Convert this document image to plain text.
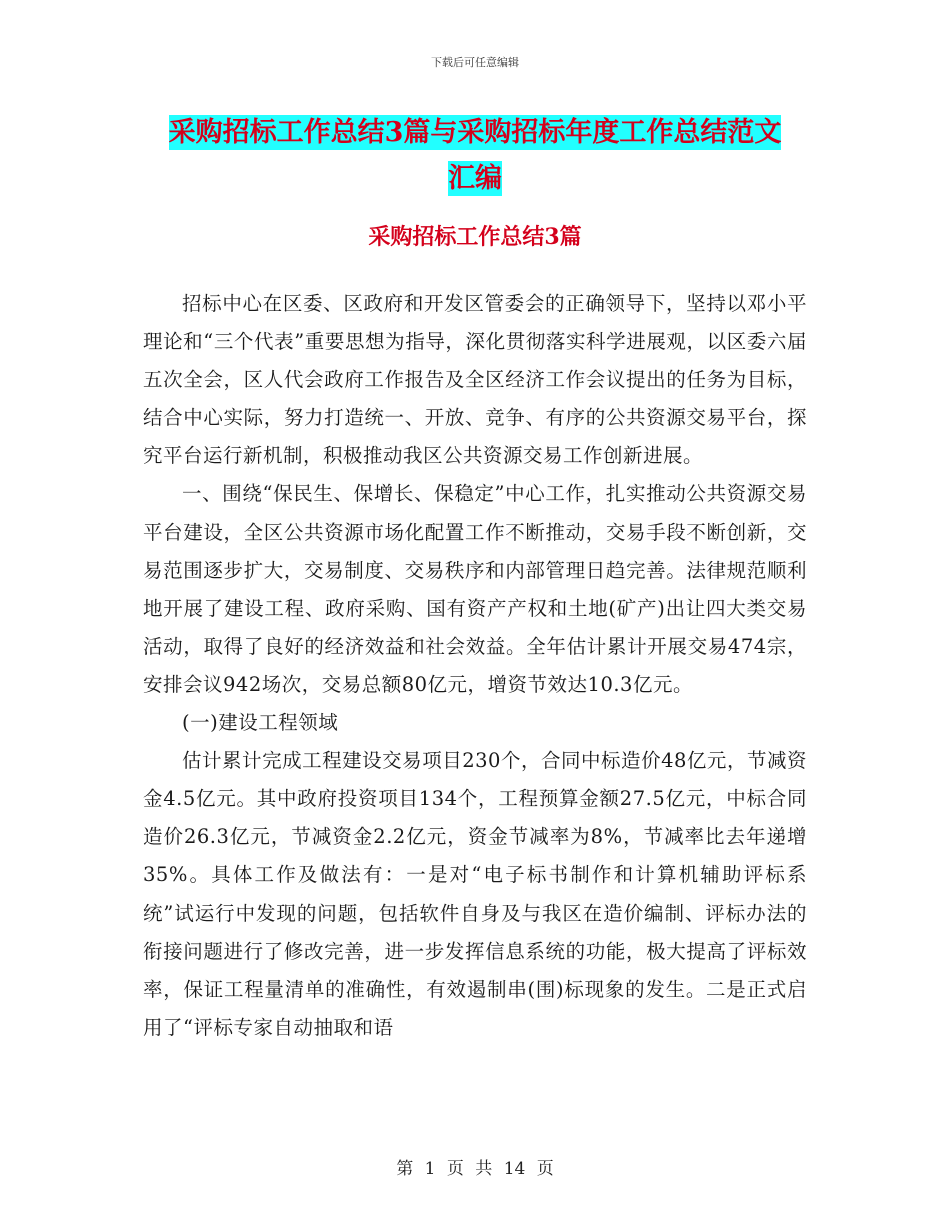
下载后可任意编辑
采购招标工作总结3篇与采购招标年度工作总结范文
汇编
采购招标工作总结3篇

招标中心在区委、区政府和开发区管委会的正确领导下，坚持以邓小平理论和“三个代表”重要思想为指导，深化贯彻落实科学进展观，以区委六届五次全会，区人代会政府工作报告及全区经济工作会议提出的任务为目标，结合中心实际，努力打造统一、开放、竞争、有序的公共资源交易平台，探究平台运行新机制，积极推动我区公共资源交易工作创新进展。

一、围绕“保民生、保增长、保稳定”中心工作，扎实推动公共资源交易平台建设，全区公共资源市场化配置工作不断推动，交易手段不断创新，交易范围逐步扩大，交易制度、交易秩序和内部管理日趋完善。法律规范顺利地开展了建设工程、政府采购、国有资产产权和土地(矿产)出让四大类交易活动，取得了良好的经济效益和社会效益。全年估计累计开展交易474宗，安排会议942场次，交易总额80亿元，增资节效达10.3亿元。

(一)建设工程领域

估计累计完成工程建设交易项目230个，合同中标造价48亿元，节减资金4.5亿元。其中政府投资项目134个，工程预算金额27.5亿元，中标合同造价26.3亿元，节减资金2.2亿元，资金节减率为8%，节减率比去年递增35%。具体工作及做法有：一是对“电子标书制作和计算机辅助评标系统”试运行中发现的问题，包括软件自身及与我区在造价编制、评标办法的衔接问题进行了修改完善，进一步发挥信息系统的功能，极大提高了评标效率，保证工程量清单的准确性，有效遏制串(围)标现象的发生。二是正式启用了“评标专家自动抽取和语

第 1 页 共 14 页
